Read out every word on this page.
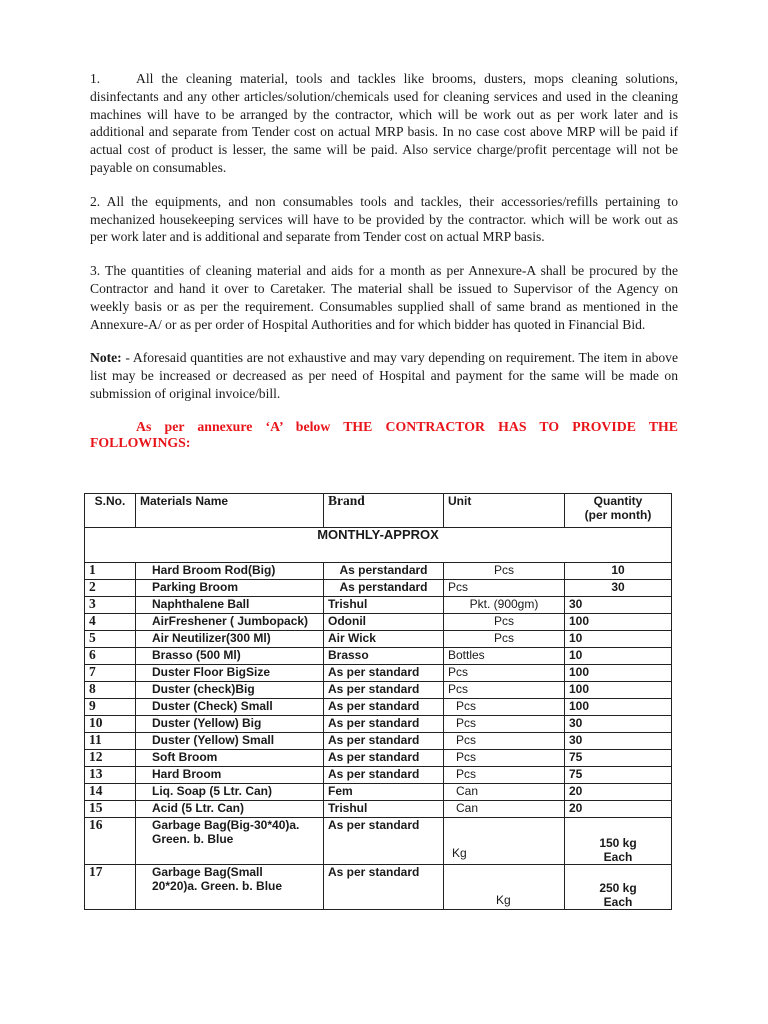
1.	All the cleaning material, tools and tackles like brooms, dusters, mops cleaning solutions, disinfectants and any other articles/solution/chemicals used for cleaning services and used in the cleaning machines will have to be arranged by the contractor, which will be work out as per work later and is additional and separate from Tender cost on actual MRP basis. In no case cost above MRP will be paid if actual cost of product is lesser, the same will be paid. Also service charge/profit percentage will not be payable on consumables.

2. All the equipments, and non consumables tools and tackles, their accessories/refills pertaining to mechanized housekeeping services will have to be provided by the contractor. which will be work out as per work later and is additional and separate from Tender cost on actual MRP basis.

3. The quantities of cleaning material and aids for a month as per Annexure-A shall be procured by the Contractor and hand it over to Caretaker. The material shall be issued to Supervisor of the Agency on weekly basis or as per the requirement. Consumables supplied shall of same brand as mentioned in the Annexure-A/ or as per order of Hospital Authorities and for which bidder has quoted in Financial Bid.

Note: - Aforesaid quantities are not exhaustive and may vary depending on requirement. The item in above list may be increased or decreased as per need of Hospital and payment for the same will be made on submission of original invoice/bill.

As per annexure ‘A’ below THE CONTRACTOR HAS TO PROVIDE THE FOLLOWINGS:

S.No.	Materials Name	Brand	Unit	Quantity
(per month)
MONTHLY-APPROX				
1	Hard Broom Rod(Big)	As perstandard	Pcs	10
2	Parking Broom	As perstandard	Pcs	30
3	Naphthalene Ball	Trishul	Pkt. (900gm)	30
4	AirFreshener ( Jumbopack)	Odonil	Pcs	100
5	Air Neutilizer(300 Ml)	Air Wick	Pcs	10
6	Brasso (500 Ml)	Brasso	Bottles	10
7	Duster Floor BigSize	As per standard	Pcs	100
8	Duster (check)Big	As per standard	Pcs	100
9	Duster (Check) Small	As per standard	Pcs	100
10	Duster (Yellow) Big	As per standard	Pcs	30
11	Duster (Yellow) Small	As per standard	Pcs	30
12	Soft Broom	As per standard	Pcs	75
13	Hard Broom	As per standard	Pcs	75
14	Liq. Soap (5 Ltr. Can)	Fem	Can	20
15	Acid (5 Ltr. Can)	Trishul	Can	20
16	Garbage Bag(Big-30*40)a.
Green. b. Blue	As per standard	Kg	150 kg
Each
17	Garbage Bag(Small
20*20)a. Green. b. Blue	As per standard	Kg	250 kg
Each
